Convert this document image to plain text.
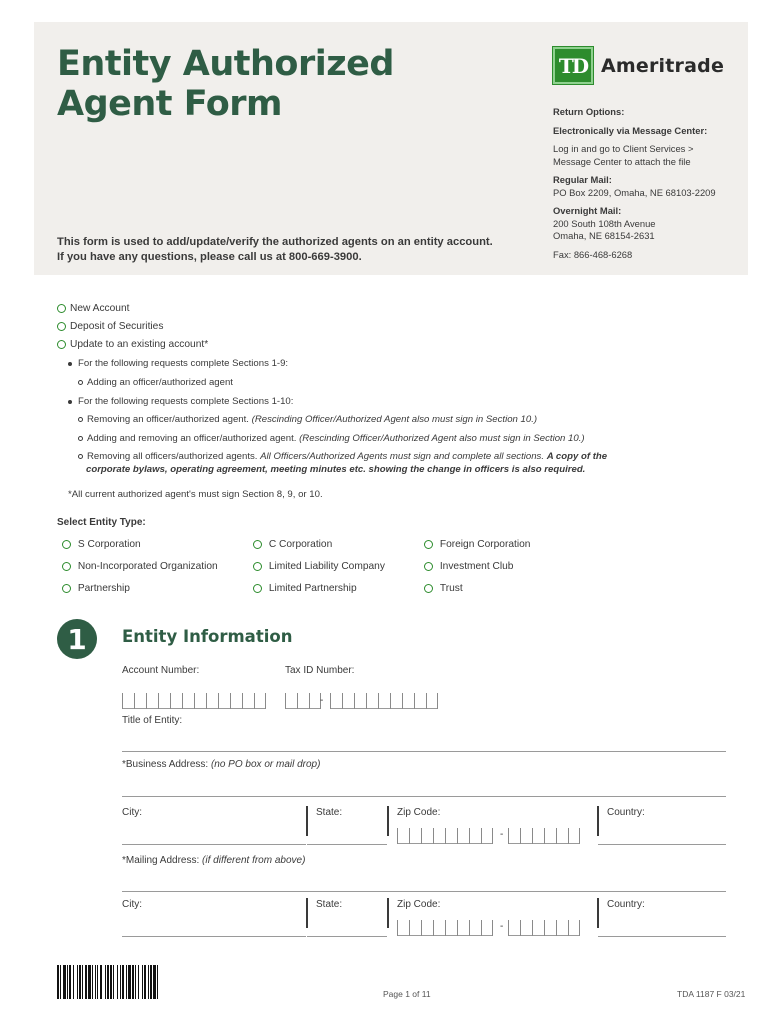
Entity Authorized
Agent Form
This form is used to add/update/verify the authorized agents on an entity account.
If you have any questions, please call us at 800-669-3900.
TD Ameritrade
Return Options:
Electronically via Message Center:
Log in and go to Client Services >
Message Center to attach the file
Regular Mail:
PO Box 2209, Omaha, NE 68103-2209
Overnight Mail:
200 South 108th Avenue
Omaha, NE 68154-2631
Fax: 866-468-6268
New Account
Deposit of Securities
Update to an existing account*
For the following requests complete Sections 1-9:
Adding an officer/authorized agent
For the following requests complete Sections 1-10:
Removing an officer/authorized agent.
(Rescinding Officer/Authorized Agent also must sign in Section 10.)
Adding and removing an officer/authorized agent.
(Rescinding Officer/Authorized Agent also must sign in Section 10.)
Removing all officers/authorized agents.
All Officers/Authorized Agents must sign and complete all sections.
A copy of the
corporate bylaws, operating agreement, meeting minutes etc. showing the change in officers is also required.
*All current authorized agent's must sign Section 8, 9, or 10.
Select Entity Type:

S Corporation
	C Corporation
	Foreign Corporation

Non-Incorporated Organization
	Limited Liability Company
	Investment Club

Partnership
	Limited Partnership
	Trust
1	Entity Information
Account Number:	Tax ID Number:
-
Title of Entity:
*Business Address: (no PO box or mail drop)
City:	State:	Zip Code:	Country:
-
*Mailing Address: (if different from above)
City:	State:	Zip Code:	Country:
-
Page 1 of 11	TDA 1187 F 03/21
